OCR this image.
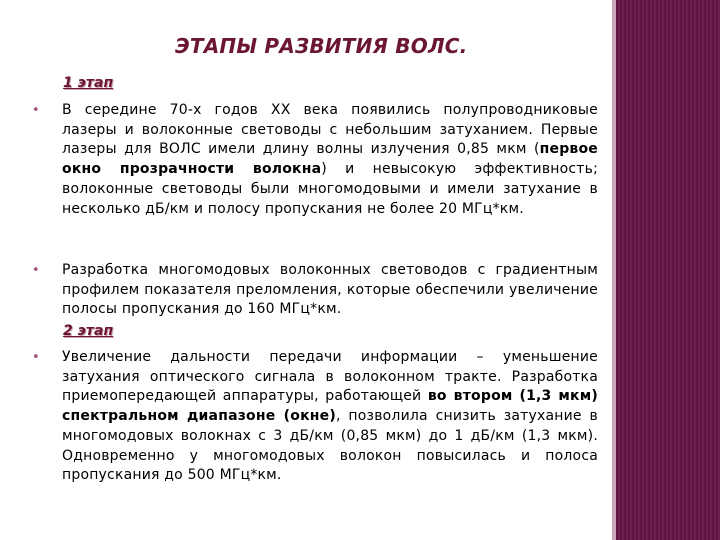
ЭТАПЫ РАЗВИТИЯ ВОЛС.
1 этап
• В середине 70-х годов XX века появились полупроводниковые лазеры и волоконные световоды с небольшим затуханием. Первые лазеры для ВОЛС имели длину волны излучения 0,85 мкм (первое окно прозрачности волокна) и невысокую эффективность; волоконные световоды были многомодовыми и имели затухание в несколько дБ/км и полосу пропускания не более 20 МГц*км.
• Разработка многомодовых волоконных световодов с градиентным профилем показателя преломления, которые обеспечили увеличение полосы пропускания до 160 МГц*км.
2 этап
• Увеличение дальности передачи информации – уменьшение затухания оптического сигнала в волоконном тракте. Разработка приемопередающей аппаратуры, работающей во втором (1,3 мкм) спектральном диапазоне (окне), позволила снизить затухание в многомодовых волокнах с 3 дБ/км (0,85 мкм) до 1 дБ/км (1,3 мкм). Одновременно у многомодовых волокон повысилась и полоса пропускания до 500 МГц*км.
